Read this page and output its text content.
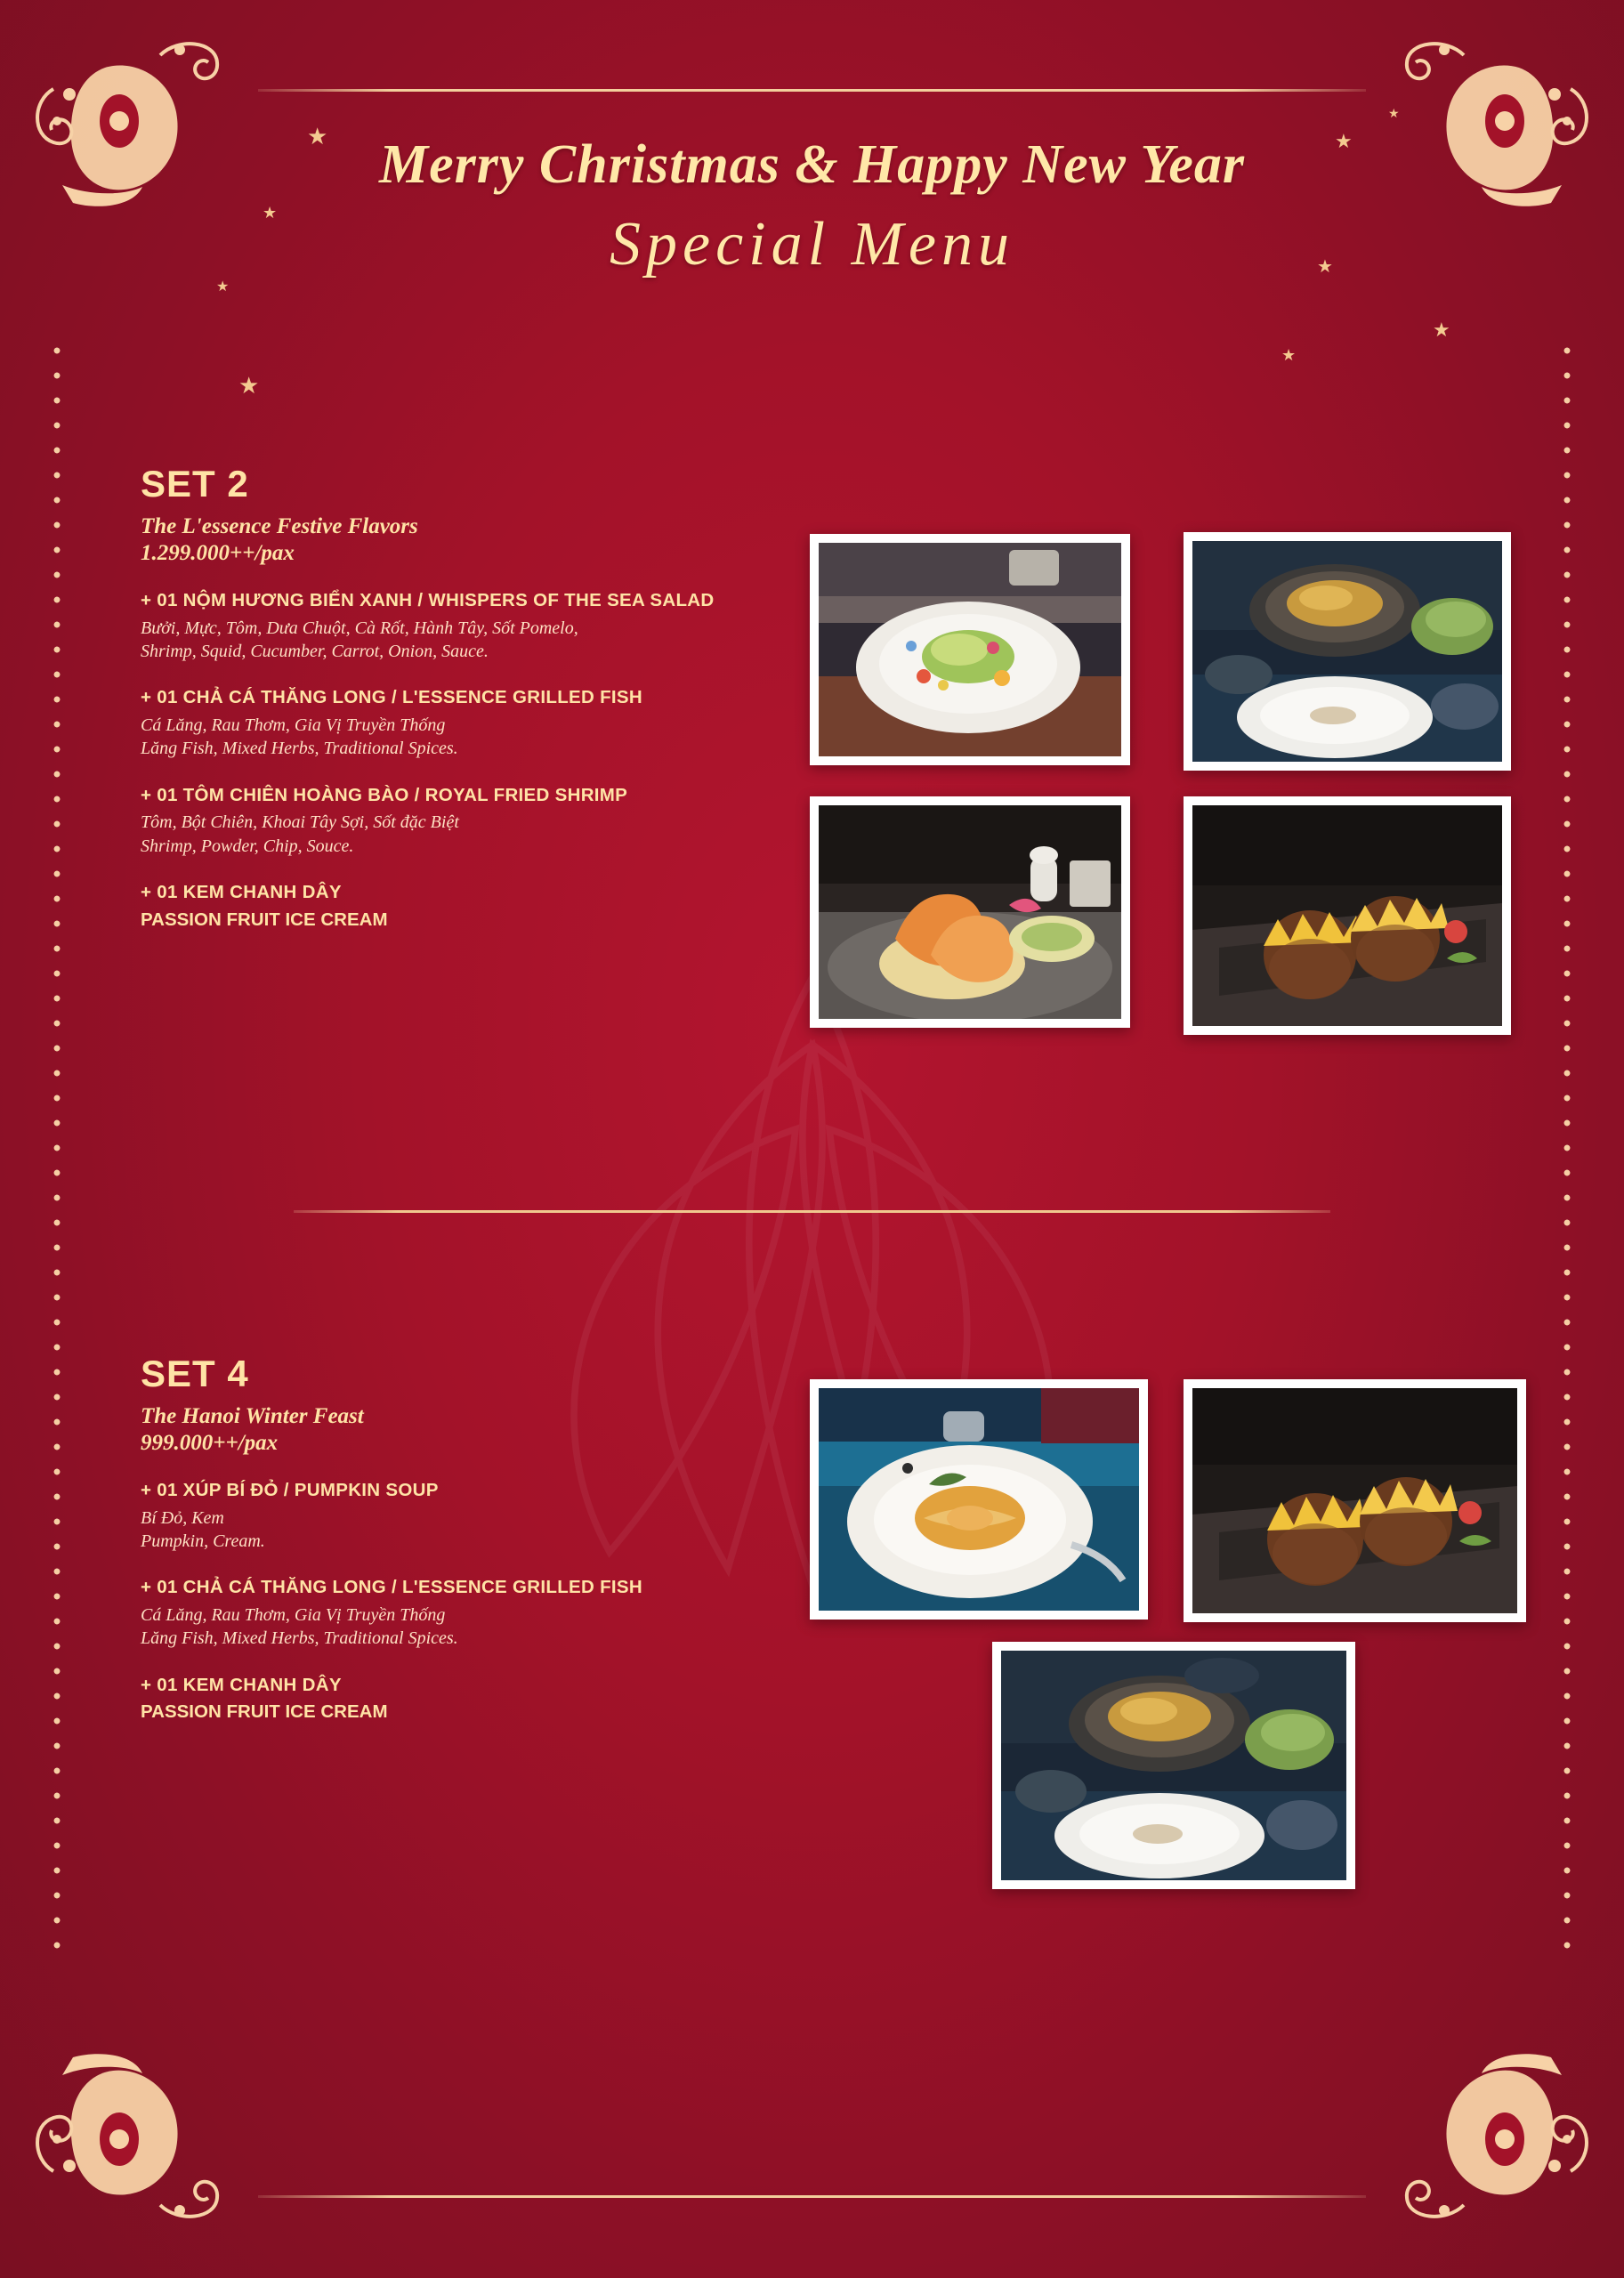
★
★
★
★
★
★
★
★
★
Merry Christmas & Happy New Year

Special Menu

SET 2

The L'essence Festive Flavors

1.299.000++/pax

+ 01 NỘM HƯƠNG BIỂN XANH / WHISPERS OF THE SEA SALAD

Bưởi, Mực, Tôm, Dưa Chuột, Cà Rốt, Hành Tây, Sốt Pomelo,

Shrimp, Squid, Cucumber, Carrot, Onion, Sauce.

+ 01 CHẢ CÁ THĂNG LONG / L'ESSENCE GRILLED FISH

Cá Lăng, Rau Thơm, Gia Vị Truyền Thống

Lăng Fish, Mixed Herbs, Traditional Spices.

+ 01 TÔM CHIÊN HOÀNG BÀO / ROYAL FRIED SHRIMP

Tôm, Bột Chiên, Khoai Tây Sợi, Sốt đặc Biệt

Shrimp, Powder, Chip, Souce.

+ 01 KEM CHANH DÂY

PASSION FRUIT ICE CREAM

SET 4

The Hanoi Winter Feast

999.000++/pax

+ 01 XÚP BÍ ĐỎ / PUMPKIN SOUP

Bí Đỏ, Kem

Pumpkin, Cream.

+ 01 CHẢ CÁ THĂNG LONG / L'ESSENCE GRILLED FISH

Cá Lăng, Rau Thơm, Gia Vị Truyền Thống

Lăng Fish, Mixed Herbs, Traditional Spices.

+ 01 KEM CHANH DÂY

PASSION FRUIT ICE CREAM
